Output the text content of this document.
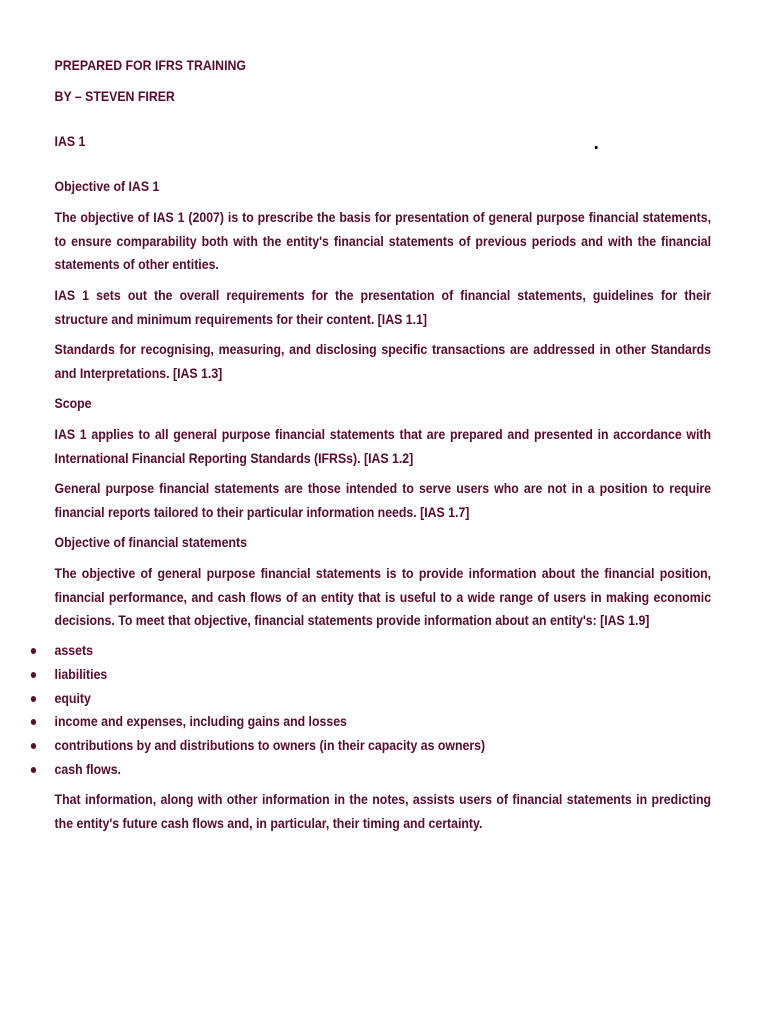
PREPARED FOR IFRS TRAINING
BY – STEVEN FIRER
IAS 1
Objective of IAS 1

The objective of IAS 1 (2007) is to prescribe the basis for presentation of general purpose financial statements, to ensure comparability both with the entity's financial statements of previous periods and with the financial statements of other entities.

IAS 1 sets out the overall requirements for the presentation of financial statements, guidelines for their structure and minimum requirements for their content. [IAS 1.1]

Standards for recognising, measuring, and disclosing specific transactions are addressed in other Standards and Interpretations. [IAS 1.3]

Scope

IAS 1 applies to all general purpose financial statements that are prepared and presented in accordance with International Financial Reporting Standards (IFRSs). [IAS 1.2]

General purpose financial statements are those intended to serve users who are not in a position to require financial reports tailored to their particular information needs. [IAS 1.7]

Objective of financial statements

The objective of general purpose financial statements is to provide information about the financial position, financial performance, and cash flows of an entity that is useful to a wide range of users in making economic decisions. To meet that objective, financial statements provide information about an entity's: [IAS 1.9]

assets
liabilities
equity
income and expenses, including gains and losses
contributions by and distributions to owners (in their capacity as owners)
cash flows.

That information, along with other information in the notes, assists users of financial statements in predicting the entity's future cash flows and, in particular, their timing and certainty.
